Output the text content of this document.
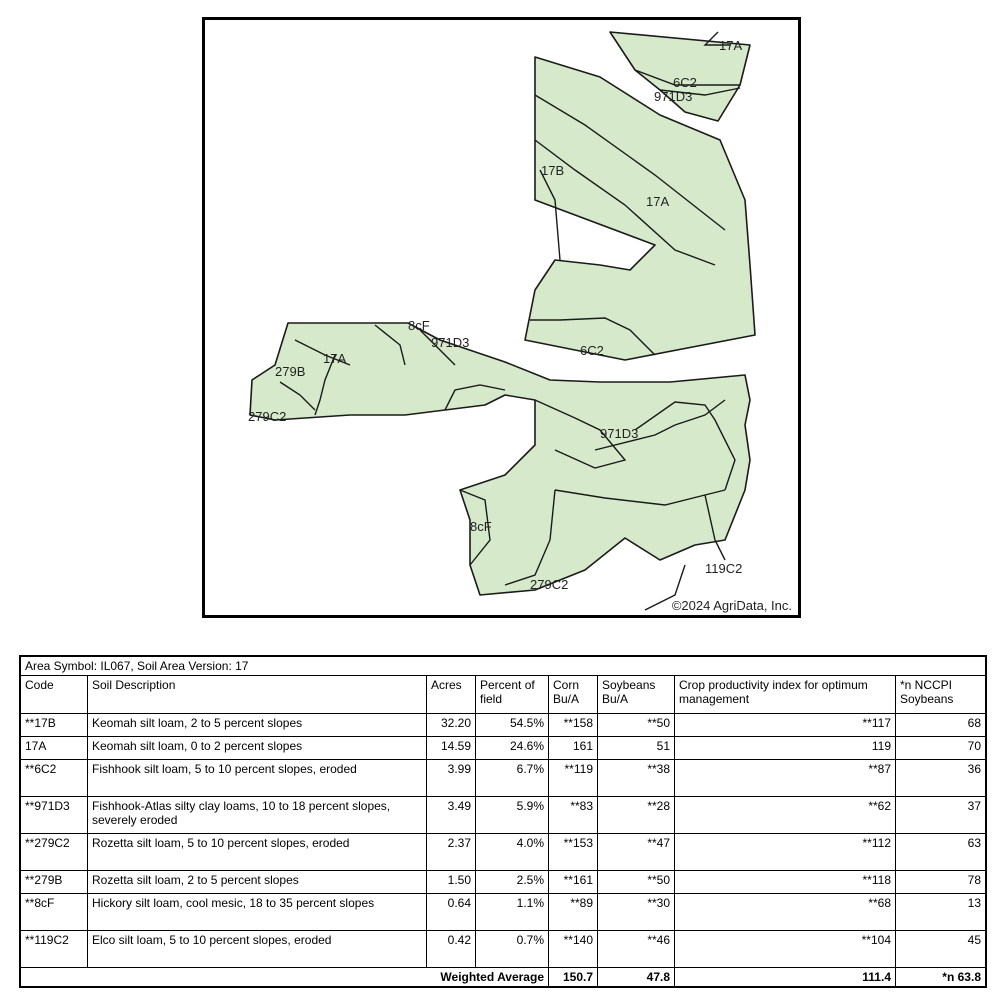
17A
6C2
971D3
17B
17A
8cF
971D3
17A
279B
279C2
6C2
971D3
8cF
279C2
119C2
©2024 AgriData, Inc.
Area Symbol: IL067, Soil Area Version: 17							
Code	Soil Description	Acres	Percent of field	Corn Bu/A	Soybeans Bu/A	Crop productivity index for optimum management	*n NCCPI Soybeans
**17B	Keomah silt loam, 2 to 5 percent slopes	32.20	54.5%	**158	**50	**117	68
17A	Keomah silt loam, 0 to 2 percent slopes	14.59	24.6%	161	51	119	70
**6C2	Fishhook silt loam, 5 to 10 percent slopes, eroded	3.99	6.7%	**119	**38	**87	36
**971D3	Fishhook-Atlas silty clay loams, 10 to 18 percent slopes, severely eroded	3.49	5.9%	**83	**28	**62	37
**279C2	Rozetta silt loam, 5 to 10 percent slopes, eroded	2.37	4.0%	**153	**47	**112	63
**279B	Rozetta silt loam, 2 to 5 percent slopes	1.50	2.5%	**161	**50	**118	78
**8cF	Hickory silt loam, cool mesic, 18 to 35 percent slopes	0.64	1.1%	**89	**30	**68	13
**119C2	Elco silt loam, 5 to 10 percent slopes, eroded	0.42	0.7%	**140	**46	**104	45
Weighted Average				150.7	47.8	111.4	*n 63.8
